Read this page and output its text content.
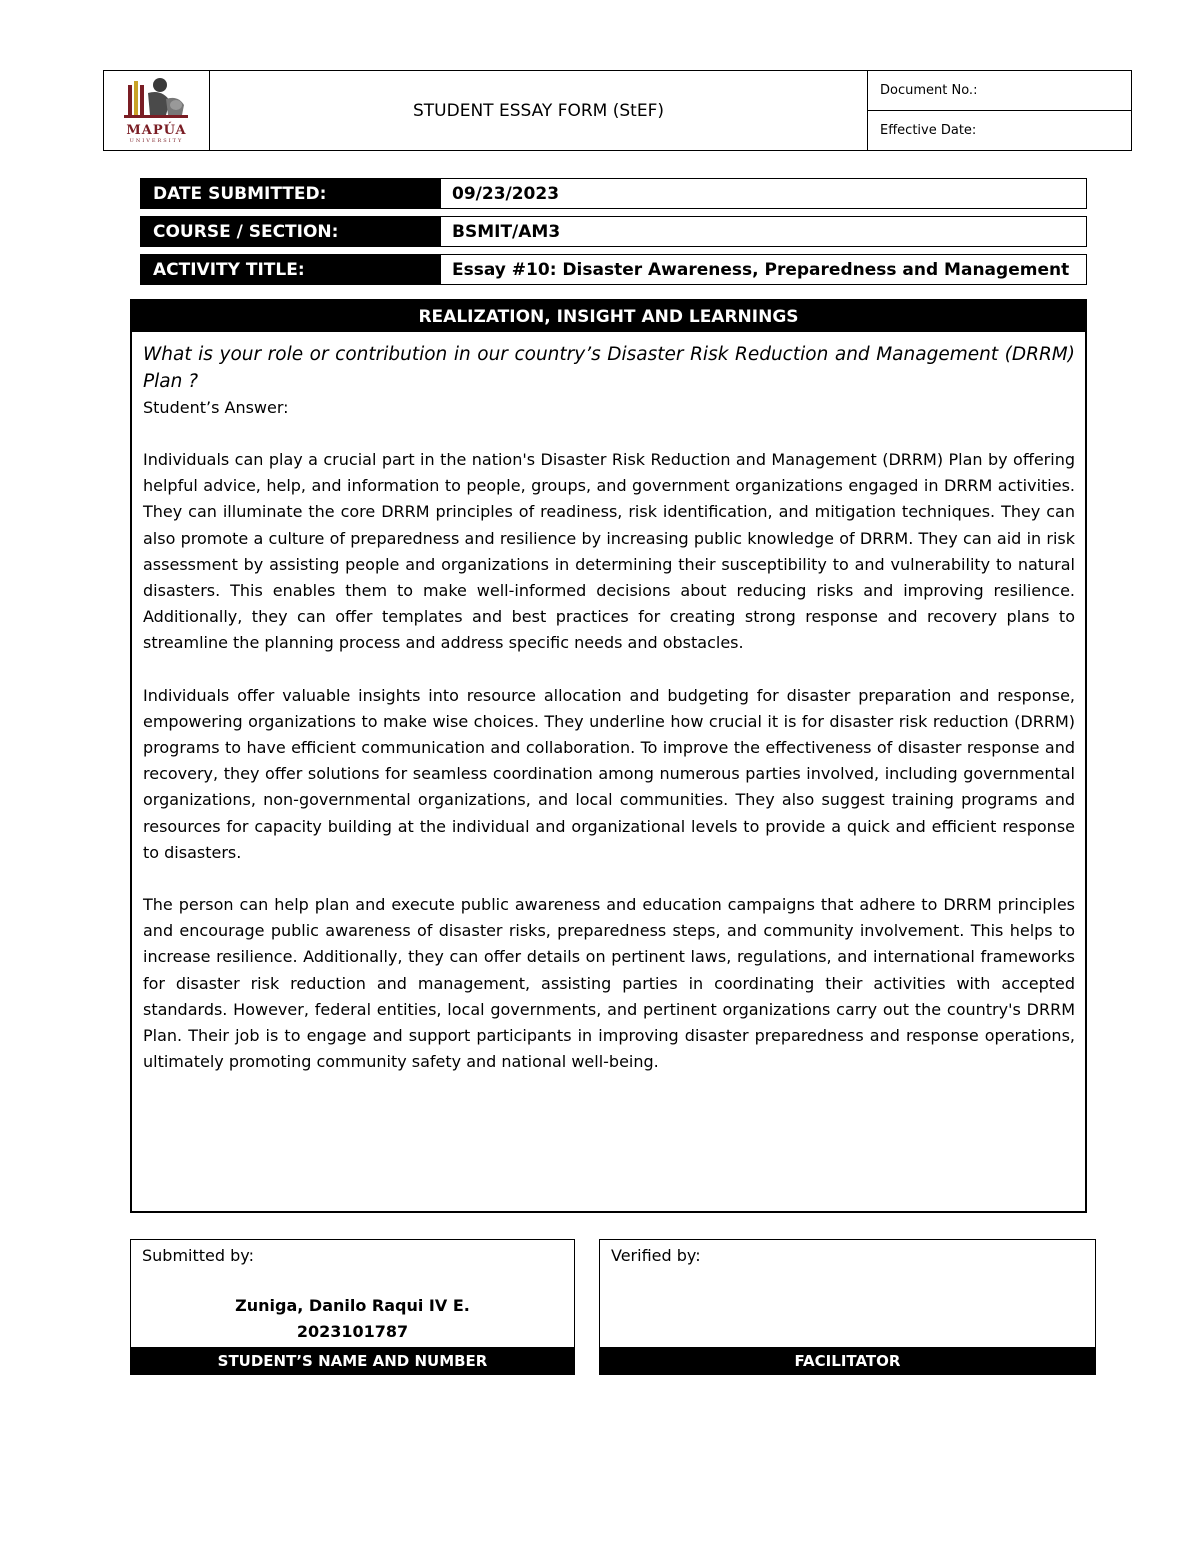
MAPÚA
UNIVERSITY
STUDENT ESSAY FORM (StEF)
Document No.:
Effective Date:
DATE SUBMITTED:	09/23/2023
COURSE / SECTION:	BSMIT/AM3
ACTIVITY TITLE:	Essay #10: Disaster Awareness, Preparedness and Management
REALIZATION, INSIGHT AND LEARNINGS

What is your role or contribution in our country’s Disaster Risk Reduction and Management (DRRM) Plan ?

Student’s Answer:

Individuals can play a crucial part in the nation's Disaster Risk Reduction and Management (DRRM) Plan by offering helpful advice, help, and information to people, groups, and government organizations engaged in DRRM activities. They can illuminate the core DRRM principles of readiness, risk identification, and mitigation techniques. They can also promote a culture of preparedness and resilience by increasing public knowledge of DRRM. They can aid in risk assessment by assisting people and organizations in determining their susceptibility to and vulnerability to natural disasters. This enables them to make well-informed decisions about reducing risks and improving resilience. Additionally, they can offer templates and best practices for creating strong response and recovery plans to streamline the planning process and address specific needs and obstacles.

Individuals offer valuable insights into resource allocation and budgeting for disaster preparation and response, empowering organizations to make wise choices. They underline how crucial it is for disaster risk reduction (DRRM) programs to have efficient communication and collaboration. To improve the effectiveness of disaster response and recovery, they offer solutions for seamless coordination among numerous parties involved, including governmental organizations, non-governmental organizations, and local communities. They also suggest training programs and resources for capacity building at the individual and organizational levels to provide a quick and efficient response to disasters.

The person can help plan and execute public awareness and education campaigns that adhere to DRRM principles and encourage public awareness of disaster risks, preparedness steps, and community involvement. This helps to increase resilience. Additionally, they can offer details on pertinent laws, regulations, and international frameworks for disaster risk reduction and management, assisting parties in coordinating their activities with accepted standards. However, federal entities, local governments, and pertinent organizations carry out the country's DRRM Plan. Their job is to engage and support participants in improving disaster preparedness and response operations, ultimately promoting community safety and national well-being.

Submitted by:
Zuniga, Danilo Raqui IV E.
2023101787
STUDENT’S NAME AND NUMBER
Verified by:
FACILITATOR
